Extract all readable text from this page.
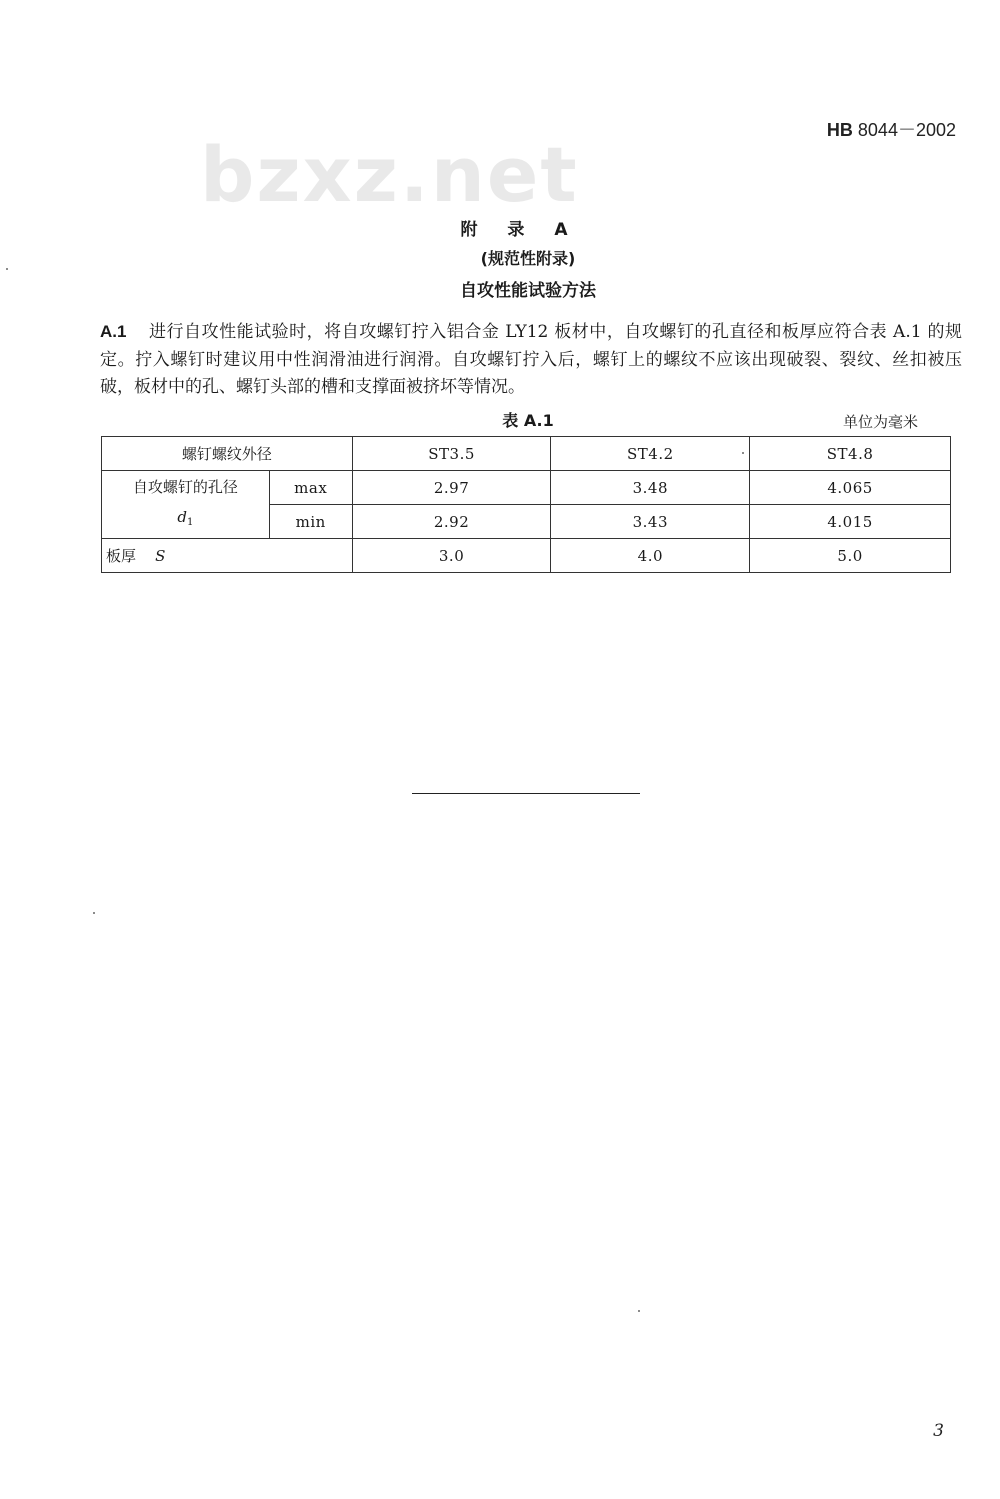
HB 8044－2002
bzxz.net
附 录 A
(规范性附录)
自攻性能试验方法
A.1 进行自攻性能试验时，将自攻螺钉拧入铝合金 LY12 板材中，自攻螺钉的孔直径和板厚应符合表 A.1 的规定。拧入螺钉时建议用中性润滑油进行润滑。自攻螺钉拧入后，螺钉上的螺纹不应该出现破裂、裂纹、丝扣被压破，板材中的孔、螺钉头部的槽和支撑面被挤坏等情况。
表 A.1	单位为毫米
螺钉螺纹外径		ST3.5	ST4.2	ST4.8
自攻螺钉的孔径
$d_1$	max	2.97	3.48	4.065
	min	2.92	3.43	4.015
板厚 S		3.0	4.0	5.0
3
